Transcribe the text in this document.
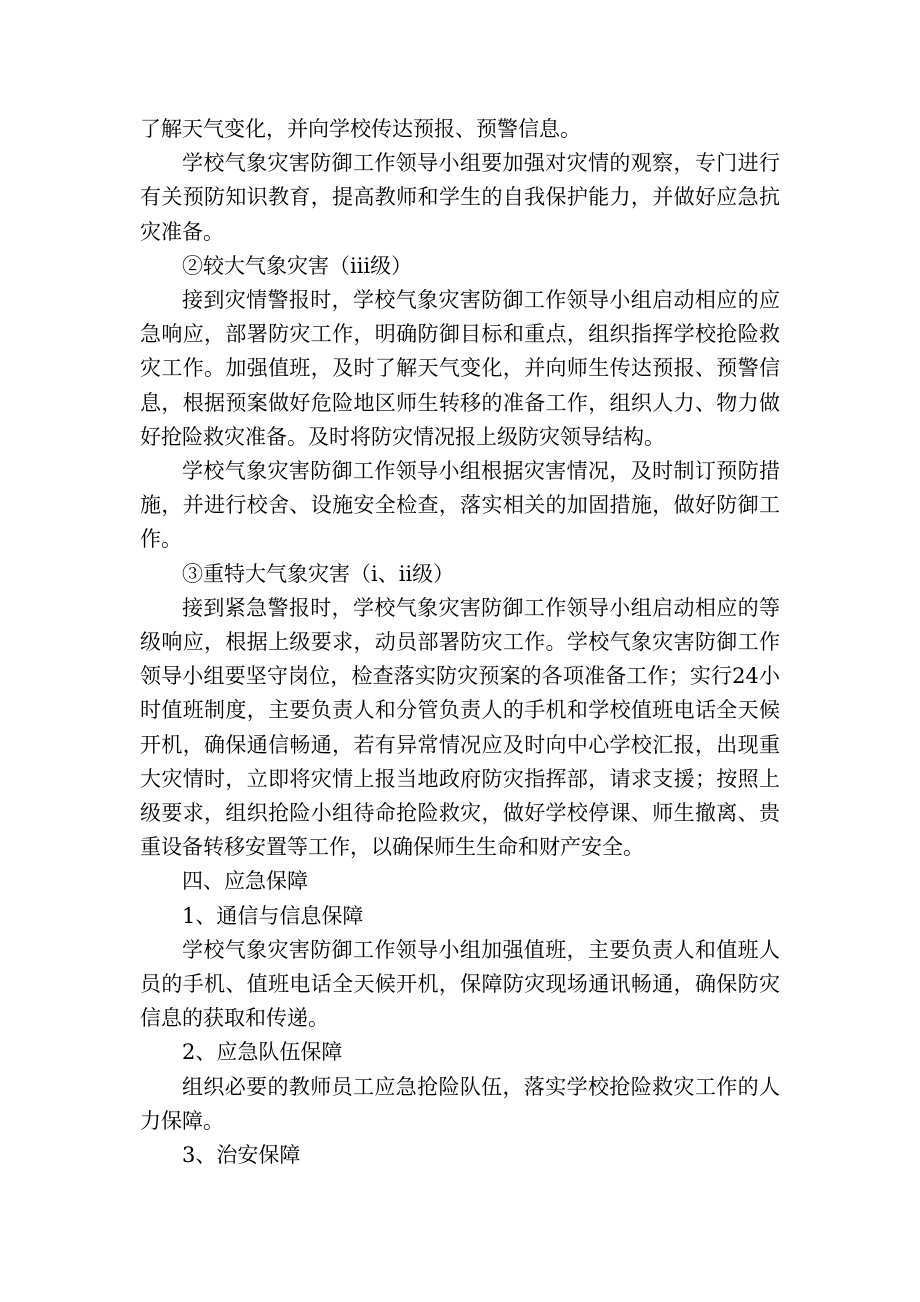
了解天气变化，并向学校传达预报、预警信息。

学校气象灾害防御工作领导小组要加强对灾情的观察，专门进行有关预防知识教育，提高教师和学生的自我保护能力，并做好应急抗灾准备。

②较大气象灾害（ⅲ级）

接到灾情警报时，学校气象灾害防御工作领导小组启动相应的应急响应，部署防灾工作，明确防御目标和重点，组织指挥学校抢险救灾工作。加强值班，及时了解天气变化，并向师生传达预报、预警信息，根据预案做好危险地区师生转移的准备工作，组织人力、物力做好抢险救灾准备。及时将防灾情况报上级防灾领导结构。

学校气象灾害防御工作领导小组根据灾害情况，及时制订预防措施，并进行校舍、设施安全检查，落实相关的加固措施，做好防御工作。

③重特大气象灾害（ⅰ、ⅱ级）

接到紧急警报时，学校气象灾害防御工作领导小组启动相应的等级响应，根据上级要求，动员部署防灾工作。学校气象灾害防御工作领导小组要坚守岗位，检查落实防灾预案的各项准备工作；实行24小时值班制度，主要负责人和分管负责人的手机和学校值班电话全天候开机，确保通信畅通，若有异常情况应及时向中心学校汇报，出现重大灾情时，立即将灾情上报当地政府防灾指挥部，请求支援；按照上级要求，组织抢险小组待命抢险救灾，做好学校停课、师生撤离、贵重设备转移安置等工作，以确保师生生命和财产安全。

四、应急保障

1、通信与信息保障

学校气象灾害防御工作领导小组加强值班，主要负责人和值班人员的手机、值班电话全天候开机，保障防灾现场通讯畅通，确保防灾信息的获取和传递。

2、应急队伍保障

组织必要的教师员工应急抢险队伍，落实学校抢险救灾工作的人力保障。

3、治安保障
